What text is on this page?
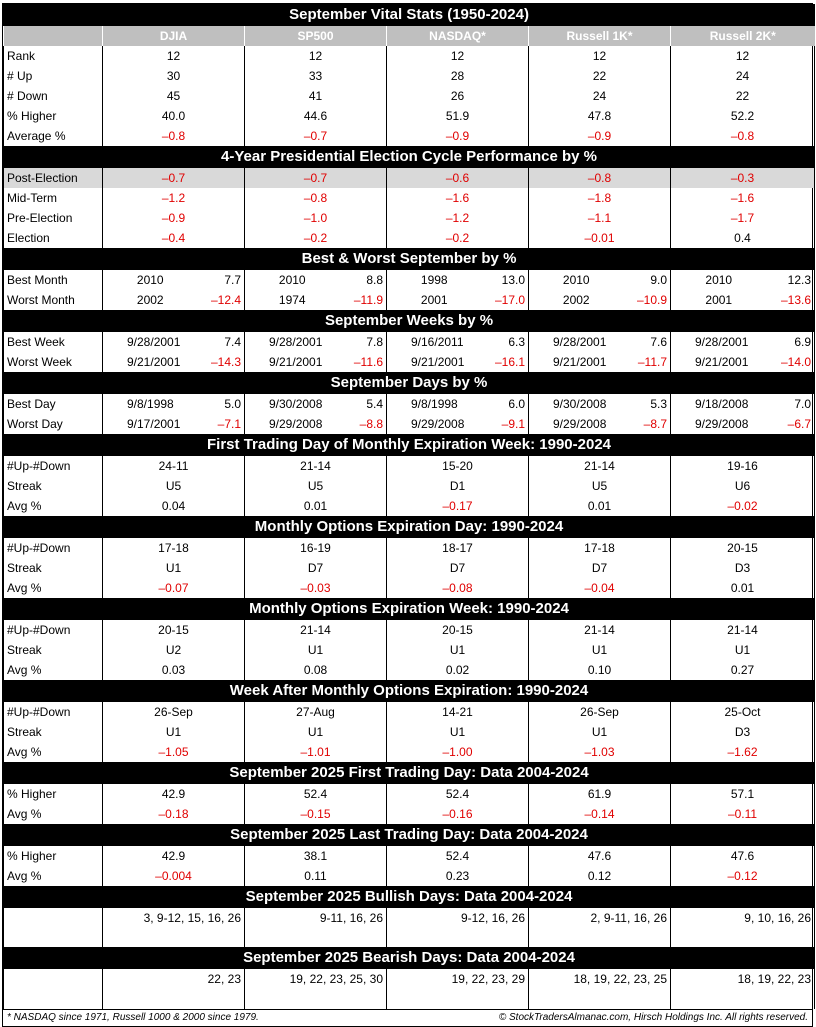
September Vital Stats (1950-2024)										
	DJIA		SP500		NASDAQ*		Russell 1K*		Russell 2K*	
Rank	12		12		12		12		12	
# Up	30		33		28		22		24	
# Down	45		41		26		24		22	
% Higher	40.0		44.6		51.9		47.8		52.2	
Average %	–0.8		–0.7		–0.9		–0.9		–0.8	
4-Year Presidential Election Cycle Performance by %										
Post-Election	–0.7		–0.7		–0.6		–0.8		–0.3	
Mid-Term	–1.2		–0.8		–1.6		–1.8		–1.6	
Pre-Election	–0.9		–1.0		–1.2		–1.1		–1.7	
Election	–0.4		–0.2		–0.2		–0.01		0.4	
Best & Worst September by %										
Best Month	2010	7.7	2010	8.8	1998	13.0	2010	9.0	2010	12.3
Worst Month	2002	–12.4	1974	–11.9	2001	–17.0	2002	–10.9	2001	–13.6
September Weeks by %										
Best Week	9/28/2001	7.4	9/28/2001	7.8	9/16/2011	6.3	9/28/2001	7.6	9/28/2001	6.9
Worst Week	9/21/2001	–14.3	9/21/2001	–11.6	9/21/2001	–16.1	9/21/2001	–11.7	9/21/2001	–14.0
September Days by %										
Best Day	9/8/1998	5.0	9/30/2008	5.4	9/8/1998	6.0	9/30/2008	5.3	9/18/2008	7.0
Worst Day	9/17/2001	–7.1	9/29/2008	–8.8	9/29/2008	–9.1	9/29/2008	–8.7	9/29/2008	–6.7
First Trading Day of Monthly Expiration Week: 1990-2024										
#Up-#Down	24-11		21-14		15-20		21-14		19-16	
Streak	U5		U5		D1		U5		U6	
Avg %	0.04		0.01		–0.17		0.01		–0.02	
Monthly Options Expiration Day: 1990-2024										
#Up-#Down	17-18		16-19		18-17		17-18		20-15	
Streak	U1		D7		D7		D7		D3	
Avg %	–0.07		–0.03		–0.08		–0.04		0.01	
Monthly Options Expiration Week: 1990-2024										
#Up-#Down	20-15		21-14		20-15		21-14		21-14	
Streak	U2		U1		U1		U1		U1	
Avg %	0.03		0.08		0.02		0.10		0.27	
Week After Monthly Options Expiration: 1990-2024										
#Up-#Down	26-Sep		27-Aug		14-21		26-Sep		25-Oct	
Streak	U1		U1		U1		U1		D3	
Avg %	–1.05		–1.01		–1.00		–1.03		–1.62	
September 2025 First Trading Day: Data 2004-2024										
% Higher	42.9		52.4		52.4		61.9		57.1	
Avg %	–0.18		–0.15		–0.16		–0.14		–0.11	
September 2025 Last Trading Day: Data 2004-2024										
% Higher	42.9		38.1		52.4		47.6		47.6	
Avg %	–0.004		0.11		0.23		0.12		–0.12	
September 2025 Bullish Days: Data 2004-2024										
	3, 9-12, 15, 16, 26		9-11, 16, 26		9-12, 16, 26		2, 9-11, 16, 26		9, 10, 16, 26	
September 2025 Bearish Days: Data 2004-2024										
	22, 23		19, 22, 23, 25, 30		19, 22, 23, 29		18, 19, 22, 23, 25		18, 19, 22, 23	
* NASDAQ since 1971, Russell 1000 & 2000 since 1979.	© StockTradersAlmanac.com, Hirsch Holdings Inc. All rights reserved.
